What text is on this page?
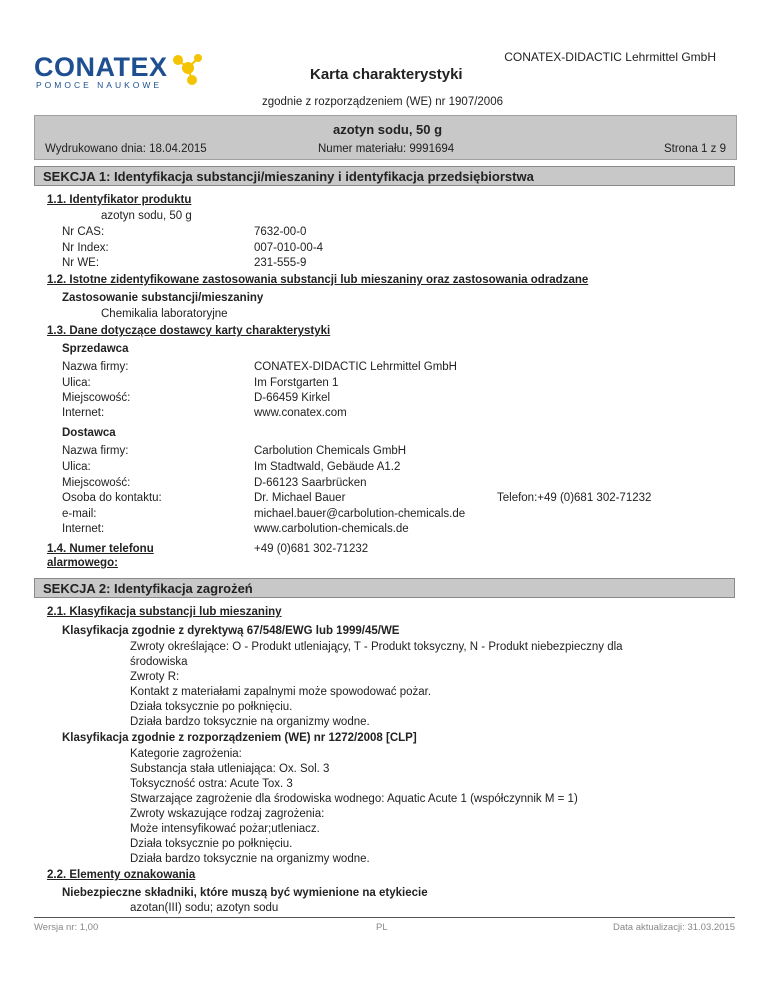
CONATEX
POMOCE NAUKOWE
CONATEX-DIDACTIC Lehrmittel GmbH
Karta charakterystyki
zgodnie z rozporządzeniem (WE) nr 1907/2006
azotyn sodu, 50 g
Wydrukowano dnia: 18.04.2015	Numer materiału: 9991694	Strona 1 z 9
SEKCJA 1: Identyfikacja substancji/mieszaniny i identyfikacja przedsiębiorstwa
1.1. Identyfikator produktu
azotyn sodu, 50 g
Nr CAS:	7632-00-0
Nr Index:	007-010-00-4
Nr WE:	231-555-9
1.2. Istotne zidentyfikowane zastosowania substancji lub mieszaniny oraz zastosowania odradzane
Zastosowanie substancji/mieszaniny
Chemikalia laboratoryjne
1.3. Dane dotyczące dostawcy karty charakterystyki
Sprzedawca
Nazwa firmy:	CONATEX-DIDACTIC Lehrmittel GmbH
Ulica:	Im Forstgarten 1
Miejscowość:	D-66459 Kirkel
Internet:	www.conatex.com
Dostawca
Nazwa firmy:	Carbolution Chemicals GmbH
Ulica:	Im Stadtwald, Gebäude A1.2
Miejscowość:	D-66123 Saarbrücken
Osoba do kontaktu:	Dr. Michael Bauer	Telefon:+49 (0)681 302-71232
e-mail:	michael.bauer@carbolution-chemicals.de
Internet:	www.carbolution-chemicals.de
1.4. Numer telefonu
alarmowego:
+49 (0)681 302-71232
SEKCJA 2: Identyfikacja zagrożeń
2.1. Klasyfikacja substancji lub mieszaniny
Klasyfikacja zgodnie z dyrektywą 67/548/EWG lub 1999/45/WE
Zwroty określające: O - Produkt utleniają̧cy, T - Produkt toksyczny, N - Produkt niebezpieczny dla
środowiska
Zwroty R:
Kontakt z materiałami zapalnymi może spowodować pożar.
Działa toksycznie po połknięciu.
Działa bardzo toksycznie na organizmy wodne.
Klasyfikacja zgodnie z rozporządzeniem (WE) nr 1272/2008 [CLP]
Kategorie zagrożenia:
Substancja stała utleniająca: Ox. Sol. 3
Toksyczność ostra: Acute Tox. 3
Stwarzające zagrożenie dla środowiska wodnego: Aquatic Acute 1 (współczynnik M = 1)
Zwroty wskazujące rodzaj zagrożenia:
Może intensyfikować pożar;utleniacz.
Działa toksycznie po połknięciu.
Działa bardzo toksycznie na organizmy wodne.
2.2. Elementy oznakowania
Niebezpieczne składniki, które muszą być wymienione na etykiecie
azotan(III) sodu; azotyn sodu
Wersja nr: 1,00	PL	Data aktualizacji: 31.03.2015
